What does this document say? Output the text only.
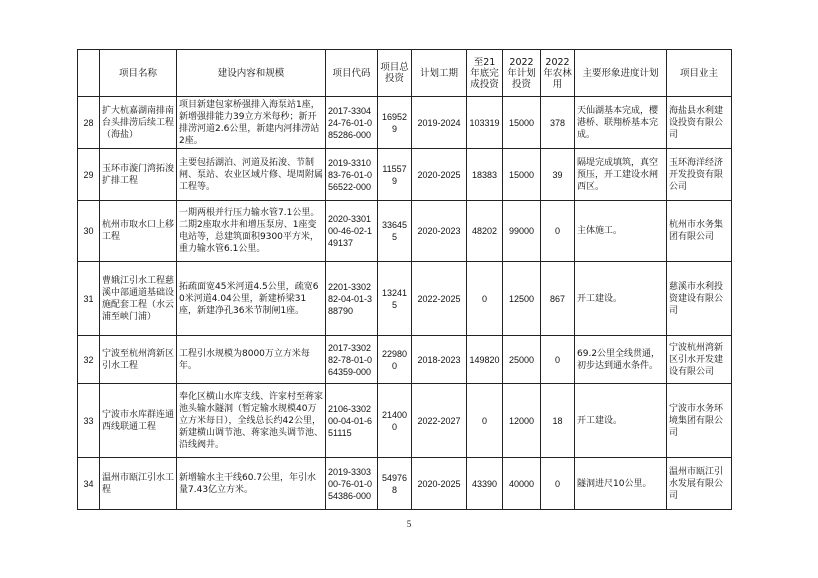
	项目名称	建设内容和规模	项目代码	项目总投资	计划工期	至21年底完成投资	2022年计划投资	2022年农林用	主要形象进度计划	项目业主
28	扩大杭嘉湖南排南台头排涝后续工程（海盐）	项目新建包家桥强排入海泵站1座，新增强排能力39立方米每秒；新开排涝河道2.6公里，新建内河排涝站2座。	2017-330424-76-01-085286-000	169529	2019-2024	103319	15000	378	天仙湖基本完成，樱港桥、联翔桥基本完成。	海盐县水利建设投资有限公司
29	玉环市漩门湾拓浚扩排工程	主要包括湖泊、河道及拓浚、节制闸、泵站、农业区域片修、堤周附属工程等。	2019-331083-76-01-056522-000	115579	2020-2025	18383	15000	39	隔堤完成填筑，真空预压，开工建设水闸西区。	玉环海洋经济开发投资有限公司
30	杭州市取水口上移工程	一期两根并行压力输水管7.1公里。二期2座取水井和增压泵房、1座变电站等，总建筑面积9300平方米，重力输水管6.1公里。	2020-330100-46-02-149137	336455	2020-2023	48202	99000	0	主体施工。	杭州市水务集团有限公司
31	曹娥江引水工程慈溪中部通道基础设施配套工程（水云浦至峡门浦）	拓疏面宽45米河道4.5公里，疏宽60米河道4.04公里，新建桥梁31座，新建净孔36米节制闸1座。	2201-330282-04-01-388790	132415	2022-2025	0	12500	867	开工建设。	慈溪市水利投资建设有限公司
32	宁波至杭州湾新区引水工程	工程引水规模为8000万立方米每年。	2017-330282-78-01-064359-000	229800	2018-2023	149820	25000	0	69.2公里全线贯通，初步达到通水条件。	宁波杭州湾新区引水开发建设有限公司
33	宁波市水库群连通西线联通工程	奉化区横山水库支线、许家村至蒋家池头输水隧洞（暂定输水规模40万立方米每日），全线总长约42公里，新建横山调节池、蒋家池头调节池、沿线阀井。	2106-330200-04-01-651115	214000	2022-2027	0	12000	18	开工建设。	宁波市水务环境集团有限公司
34	温州市瓯江引水工程	新增输水主干线60.7公里，年引水量7.43亿立方米。	2019-330300-76-01-054386-000	549768	2020-2025	43390	40000	0	隧洞进尺10公里。	温州市瓯江引水发展有限公司
5
